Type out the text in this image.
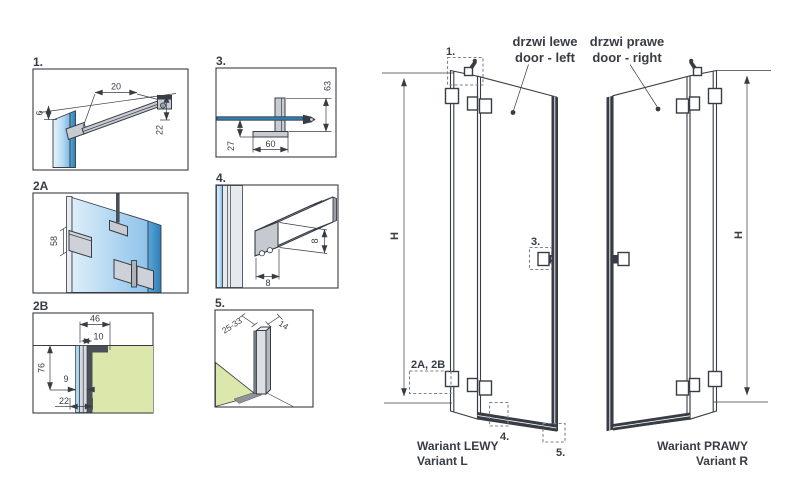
1.
20
22
6
2A
58
2B
46
10
76
9
22
3.
63
27	60
4.
8
8
5.
25-33	14
H
1.
2A, 2B
3.
4.
5.
drzwi lewe
door - left
Wariant LEWY
Variant L
H
drzwi prawe
door - right
Wariant PRAWY
Variant R
